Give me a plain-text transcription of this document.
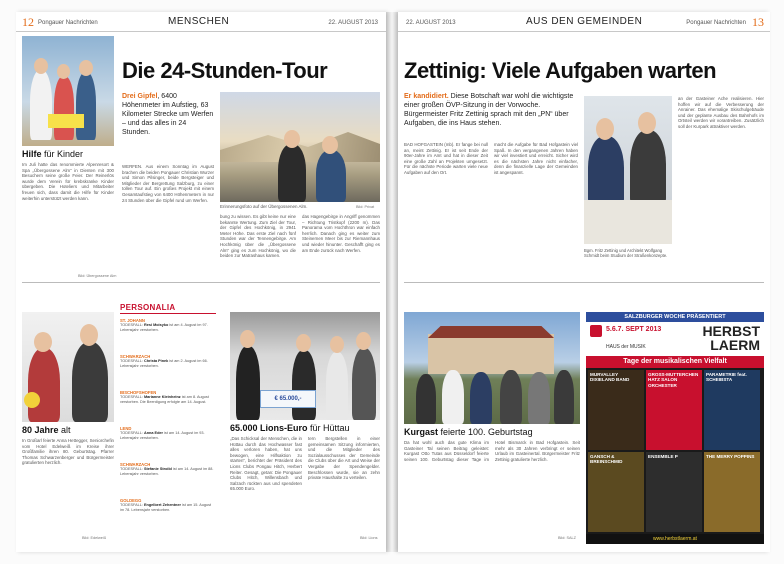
12 Pongauer Nachrichten	MENSCHEN	22. AUGUST 2013
Hilfe für Kinder
Im Juli hatte das renommierte Alpenresort & Spa „Übergossene Alm“ in Dienten mit 300 Besuchern seine große Feier. Der Reinerlös wurde dem Verein für krebskranke Kinder übergeben. Die Hoteliers und Mitarbeiter freuen sich, dass damit die Hilfe für Kinder weiterhin unterstützt werden kann.
Bild: Übergossene Alm
Die 24-Stunden-Tour
Drei Gipfel, 6400 Höhenmeter im Aufstieg, 63 Kilometer Strecke um Werfen – und das alles in 24 Stunden.
Erinnerungsfoto auf der Übergossenen Alm.	Bild: Privat
WERFEN. Aus einem Sonntag im August brachen die beiden Pongauer Christian Wurzer und Simon Pilsinger, beide Bergsteiger und Mitglieder der Bergrettung Salzburg, zu einer tollen Tour auf. Ein großes Projekt mit einem Gesamtaufstieg von 6400 Höhenmetern in nur 24 Stunden über die Gipfel rund um Werfen.
bung zu wissen. Es gibt keine nur eine bekannte Wertung. Zum Ziel der Tour, der Gipfel des Hochkönig, in 2941 Meter Höhe. Das erste Ziel nach fünf Stunden war der Tennengebirge. Am Hochkönig über die „Übergossene Alm“ ging es zum Hochkönig, wo die beiden zur Matrashaus kamen.
das Hagengebirge in Angriff genommen – Richtung Tristkopf (2200 m). Das Panorama vom Hochthron war einfach herrlich. Danach ging es weiter zum Steinernen Meer bis zur Riemannhaus und wieder hinunter. Geschafft ging es am Ende zurück nach Werfen.
80 Jahre alt
In Großarl feierte Anna Hettegger, Seniorchefin vom Hotel Edelweiß im Kreise ihrer Großfamilie ihren 80. Geburtstag. Pfarrer Thomas Schwarzenberger und Bürgermeister gratulierten herzlich.
Bild: Edelweiß
PERSONALIA
ST. JOHANN
TODESFALL: Resi Moisyko ist am 4. August im 97. Lebensjahr verstorben.
SCHWARZACH
TODESFALL: Christa Pinek ist am 2. August im 66. Lebensjahr verstorben.
BISCHOFSHOFEN
TODESFALL: Marianne Kleinheinz ist am 8. August verstorben. Die Beerdigung erfolgte am 14. August.
LEND
TODESFALL: Anna Eder ist am 14. August im 93. Lebensjahr verstorben.
SCHWARZACH
TODESFALL: Stefanie Stroibl ist am 14. August im 88. Lebensjahr verstorben.
GOLDEGG
TODESFALL: Engelbert Zehentner ist am 15. August im 78. Lebensjahr verstorben.
€ 65.000,-
65.000 Lions-Euro für Hüttau
„Das Schicksal der Menschen, die in Hüttau durch das Hochwasser fast alles verloren haben, hat uns bewogen, eine Hilfsaktion zu starten“, berichtet der Präsident des Lions Clubs Pongau Hitch, Herbert Reiter. Gesagt, getan: Die Pongauer Clubs Hitch, Willensbach und Salzach rückten aus und spendeten 65.000 Euro.
tern Bergstellen in einer gemeinsamen Sitzung informierten, und die Mitglieder des Sozialausschusses der Gemeinde die Clubs über die Art und Weise der Vergabe der Spendengelder. Beschlossen wurde, sie an zehn private Haushalte zu verteilen.
Bild: Lions
22. AUGUST 2013	AUS DEN GEMEINDEN	Pongauer Nachrichten 13
Zettinig: Viele Aufgaben warten
Er kandidiert. Diese Botschaft war wohl die wichtigste einer großen ÖVP-Sitzung in der Vorwoche. Bürgermeister Fritz Zettinig sprach mit den „PN“ über Aufgaben, die ins Haus stehen.
BAD HOFGASTEIN (mb). Er fange bei null an, meint Zettinig. Er ist seit Ende der 90er-Jahre im Amt und hat in dieser Zeit eine große Zahl an Projekten umgesetzt. Für die nächste Periode warten viele neue Aufgaben auf den Ort.
macht die Aufgabe für Bad Hofgastein viel Spaß. In den vergangenen Jahren haben wir viel investiert und erreicht. Sicher wird es die nächsten Jahre nicht einfacher, denn die finanzielle Lage der Gemeinden ist angespannt.
Bgm. Fritz Zettinig und Architekt Wolfgang Schmidt beim Studium der Straßenkonzepte.
an der Gasteiner Ache realisieren. Hier hoffen wir auf die Verbesserung der Anrainer. Das ehemalige Skischulgebäude und der geplante Ausbau des Bahnhofs im Ortsteil werden wir vorantreiben. Zusätzlich soll der Kurpark attraktiver werden.
Kurgast feierte 100. Geburtstag
Da hat wohl auch das gute Klima im Gasteiner Tal seinen Beitrag geleistet: Kurgast Otto Tutas aus Düsseldorf feierte seinen 100. Geburtstag dieser Tage im Hotel Bismarck in Bad Hofgastein. Seit mehr als 30 Jahren verbringt er seinen Urlaub im Gasteinertal. Bürgermeister Fritz Zettinig gratulierte herzlich.
Bild: SALZ
SALZBURGER WOCHE PRÄSENTIERT
5.6.7. SEPT 2013
HAUS der MUSIK
HERBST
LAERM
Tage der musikalischen Vielfalt
MURVALLEY DIXIELAND BAND
GROSS-MUTTERCHEN HATZ SALON ORCHESTER
PARAMETRIE feat. SCHEIBSTA
GANSCH & BREINSCHMID
ENSEMBLE P	THE MERRY POPPINS
www.herbstlaerm.at
